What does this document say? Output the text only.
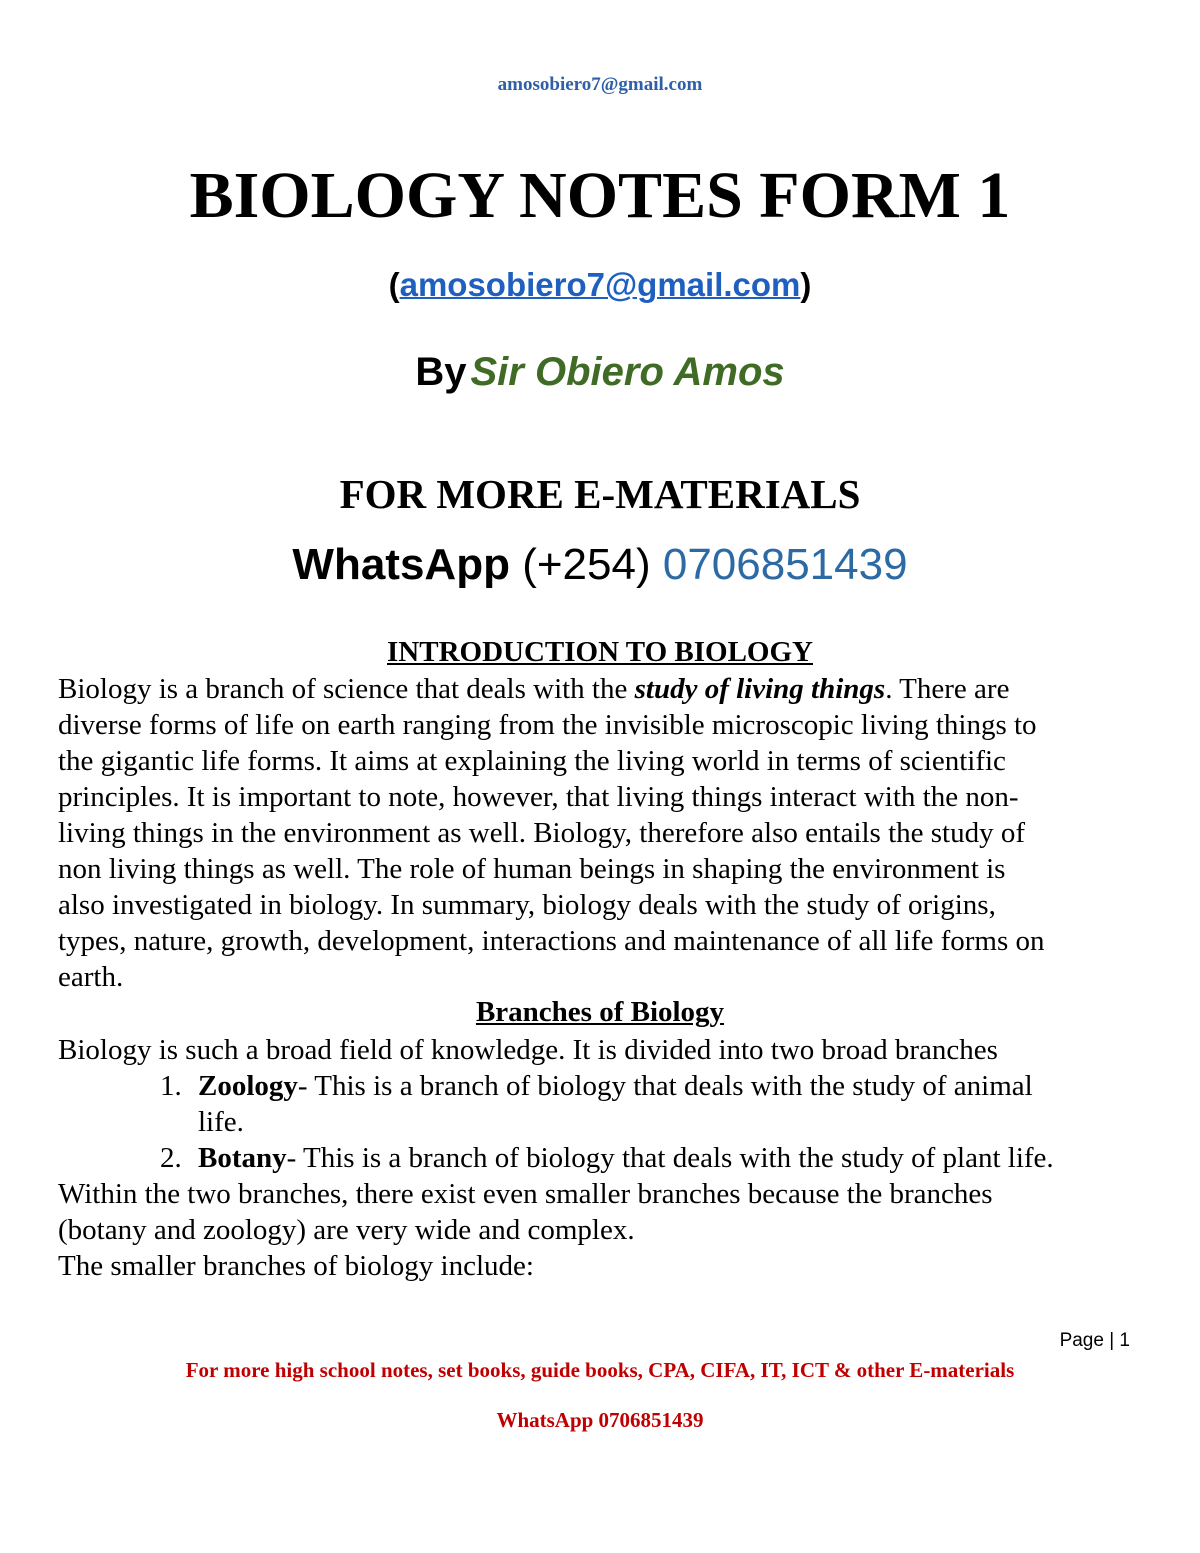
amosobiero7@gmail.com
BIOLOGY NOTES FORM 1
(amosobiero7@gmail.com)
By Sir Obiero Amos
FOR MORE E-MATERIALS
WhatsApp (+254) 0706851439
INTRODUCTION TO BIOLOGY
Biology is a branch of science that deals with the study of living things. There are
diverse forms of life on earth ranging from the invisible microscopic living things to
the gigantic life forms. It aims at explaining the living world in terms of scientific
principles. It is important to note, however, that living things interact with the non-
living things in the environment as well. Biology, therefore also entails the study of
non living things as well. The role of human beings in shaping the environment is
also investigated in biology. In summary, biology deals with the study of origins,
types, nature, growth, development, interactions and maintenance of all life forms on
earth.
Branches of Biology
Biology is such a broad field of knowledge. It is divided into two broad branches
1. Zoology- This is a branch of biology that deals with the study of animal
life.
2. Botany- This is a branch of biology that deals with the study of plant life.
Within the two branches, there exist even smaller branches because the branches
(botany and zoology) are very wide and complex.
The smaller branches of biology include:
Page | 1
For more high school notes, set books, guide books, CPA, CIFA, IT, ICT & other E-materials
WhatsApp 0706851439
